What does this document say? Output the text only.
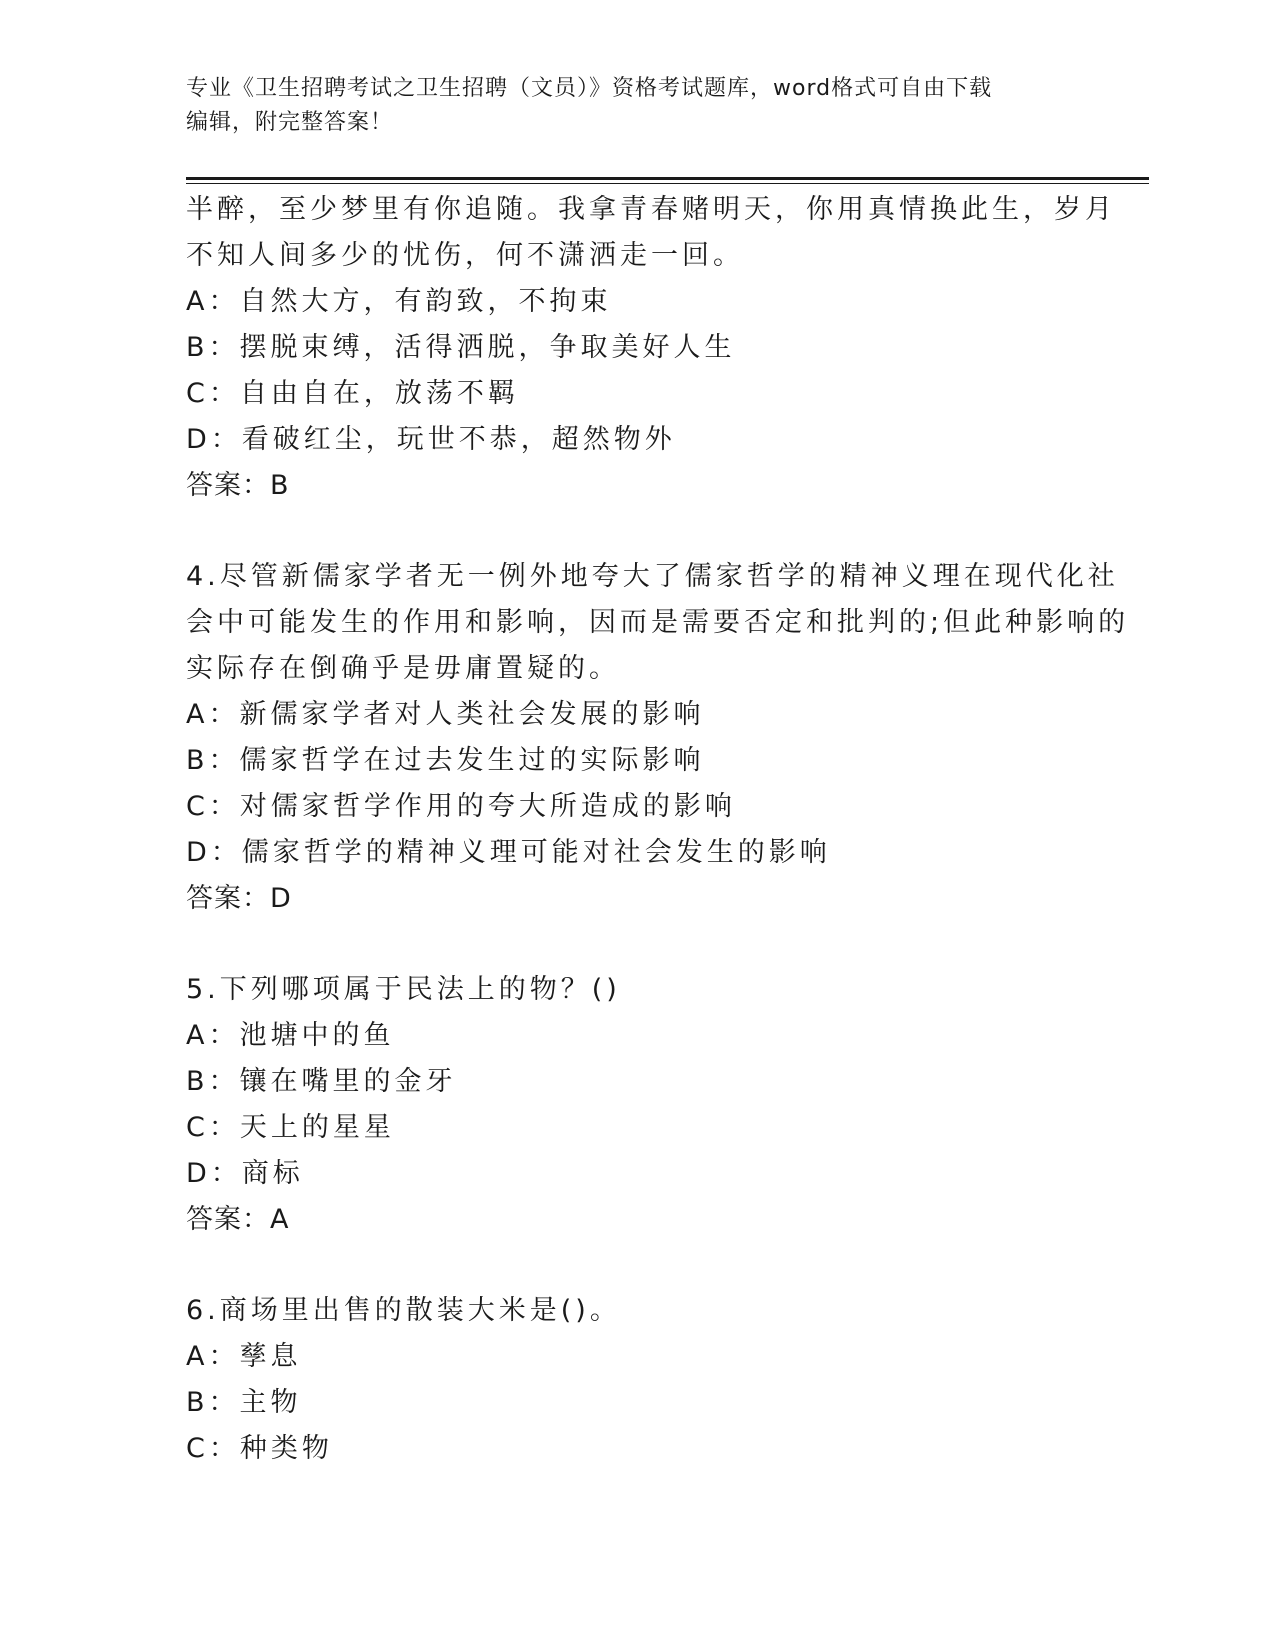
专业《卫生招聘考试之卫生招聘（文员）》资格考试题库，word格式可自由下载
编辑，附完整答案！
半醉，至少梦里有你追随。我拿青春赌明天，你用真情换此生，岁月
不知人间多少的忧伤，何不潇洒走一回。
A：自然大方，有韵致，不拘束
B：摆脱束缚，活得洒脱，争取美好人生
C：自由自在，放荡不羁
D：看破红尘，玩世不恭，超然物外
答案：B
4.尽管新儒家学者无一例外地夸大了儒家哲学的精神义理在现代化社
会中可能发生的作用和影响，因而是需要否定和批判的;但此种影响的
实际存在倒确乎是毋庸置疑的。
A：新儒家学者对人类社会发展的影响
B：儒家哲学在过去发生过的实际影响
C：对儒家哲学作用的夸大所造成的影响
D：儒家哲学的精神义理可能对社会发生的影响
答案：D
5.下列哪项属于民法上的物？()
A：池塘中的鱼
B：镶在嘴里的金牙
C：天上的星星
D：商标
答案：A
6.商场里出售的散装大米是()。
A：孳息
B：主物
C：种类物
